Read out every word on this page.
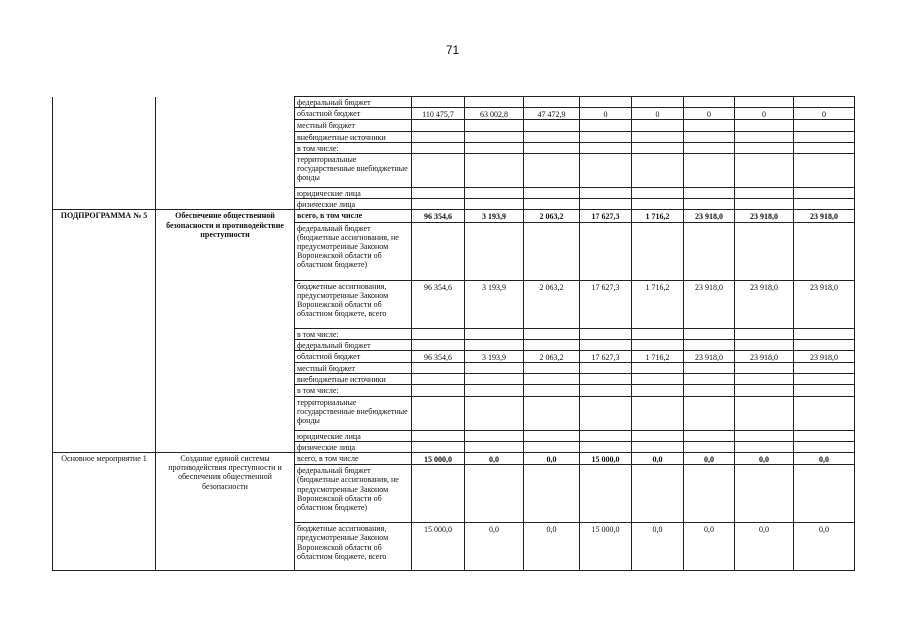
71
		федеральный бюджет								
		областной бюджет	110 475,7	63 002,8	47 472,9	0	0	0	0	0
		местный бюджет								
		внебюджетные источники								
		в том числе:								
		территориальные государственные внебюджетные фонды								
		юридические лица								
		физические лица								
ПОДПРОГРАММА № 5	Обеспечение общественной безопасности и противодействие преступности	всего, в том числе	96 354,6	3 193,9	2 063,2	17 627,3	1 716,2	23 918,0	23 918,0	23 918,0
		федеральный бюджет (бюджетные ассигнования, не предусмотренные Законом Воронежской области об областном бюджете)								
		бюджетные ассигнования, предусмотренные Законом Воронежской области об областном бюджете, всего	96 354,6	3 193,9	2 063,2	17 627,3	1 716,2	23 918,0	23 918,0	23 918,0
		в том числе:								
		федеральный бюджет								
		областной бюджет	96 354,6	3 193,9	2 063,2	17 627,3	1 716,2	23 918,0	23 918,0	23 918,0
		местный бюджет								
		внебюджетные источники								
		в том числе:								
		территориальные государственные внебюджетные фонды								
		юридические лица								
		физические лица								
Основное мероприятие 1	Создание единой системы противодействия преступности и обеспечения общественной безопасности	всего, в том числе	15 000,0	0,0	0,0	15 000,0	0,0	0,0	0,0	0,0
		федеральный бюджет (бюджетные ассигнования, не предусмотренные Законом Воронежской области об областном бюджете)								
		бюджетные ассигнования, предусмотренные Законом Воронежской области об областном бюджете, всего	15 000,0	0,0	0,0	15 000,0	0,0	0,0	0,0	0,0
